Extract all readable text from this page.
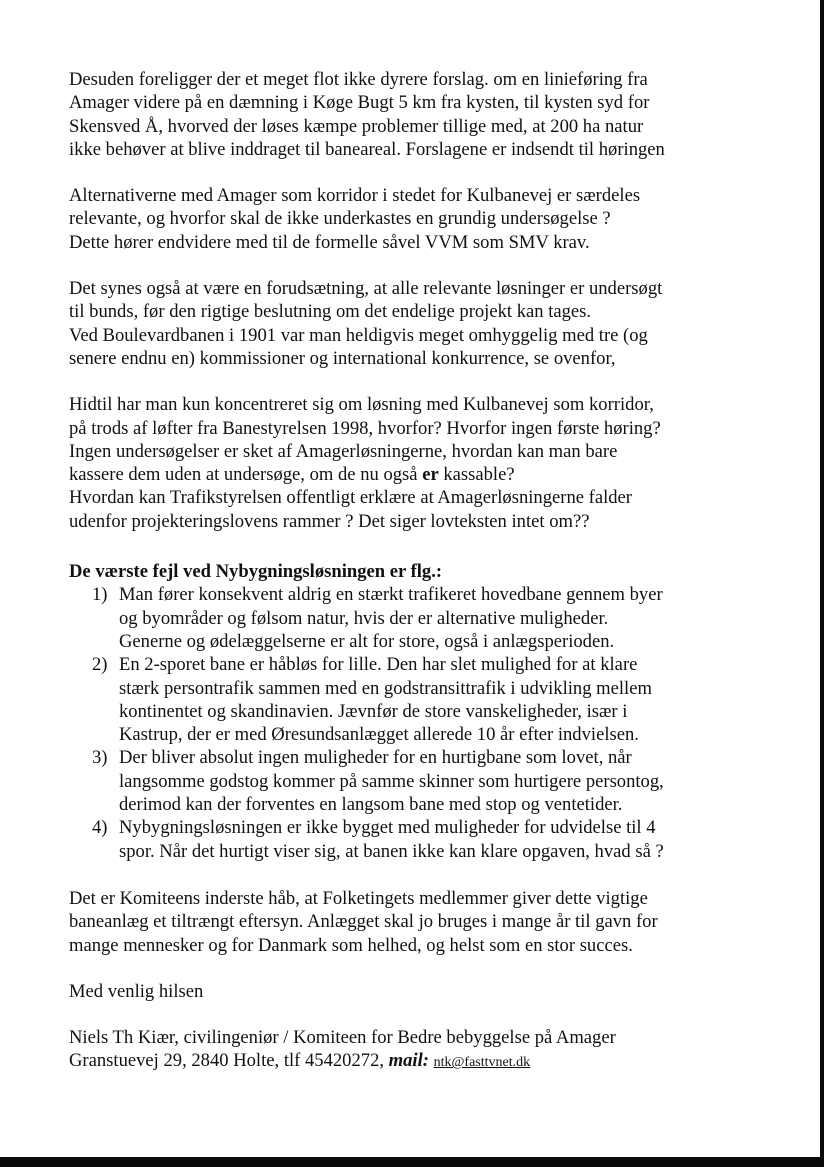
Desuden foreligger der et meget flot ikke dyrere forslag. om en linieføring fra
Amager videre på en dæmning i Køge Bugt 5 km fra kysten, til kysten syd for
Skensved Å, hvorved der løses kæmpe problemer tillige med, at 200 ha natur
ikke behøver at blive inddraget til baneareal. Forslagene er indsendt til høringen

Alternativerne med Amager som korridor i stedet for Kulbanevej er særdeles
relevante, og hvorfor skal de ikke underkastes en grundig undersøgelse ?
Dette hører endvidere med til de formelle såvel VVM som SMV krav.

Det synes også at være en forudsætning, at alle relevante løsninger er undersøgt
til bunds, før den rigtige beslutning om det endelige projekt kan tages.
Ved Boulevardbanen i 1901 var man heldigvis meget omhyggelig med tre (og
senere endnu en) kommissioner og international konkurrence, se ovenfor,

Hidtil har man kun koncentreret sig om løsning med Kulbanevej som korridor,
på trods af løfter fra Banestyrelsen 1998, hvorfor? Hvorfor ingen første høring?
Ingen undersøgelser er sket af Amagerløsningerne, hvordan kan man bare
kassere dem uden at undersøge, om de nu også er kassable?
Hvordan kan Trafikstyrelsen offentligt erklære at Amagerløsningerne falder
udenfor projekteringslovens rammer ? Det siger lovteksten intet om??

De værste fejl ved Nybygningsløsningen er flg.:

1) Man fører konsekvent aldrig en stærkt trafikeret hovedbane gennem byer
og byområder og følsom natur, hvis der er alternative muligheder.
Generne og ødelæggelserne er alt for store, også i anlægsperioden.
2) En 2-sporet bane er håbløs for lille. Den har slet mulighed for at klare
stærk persontrafik sammen med en godstransittrafik i udvikling mellem
kontinentet og skandinavien. Jævnfør de store vanskeligheder, især i
Kastrup, der er med Øresundsanlægget allerede 10 år efter indvielsen.
3) Der bliver absolut ingen muligheder for en hurtigbane som lovet, når
langsomme godstog kommer på samme skinner som hurtigere persontog,
derimod kan der forventes en langsom bane med stop og ventetider.
4) Nybygningsløsningen er ikke bygget med muligheder for udvidelse til 4
spor. Når det hurtigt viser sig, at banen ikke kan klare opgaven, hvad så ?

Det er Komiteens inderste håb, at Folketingets medlemmer giver dette vigtige
baneanlæg et tiltrængt eftersyn. Anlægget skal jo bruges i mange år til gavn for
mange mennesker og for Danmark som helhed, og helst som en stor succes.

Med venlig hilsen

Niels Th Kiær, civilingeniør / Komiteen for Bedre bebyggelse på Amager
Granstuevej 29, 2840 Holte, tlf 45420272, mail: ntk@fasttvnet.dk
